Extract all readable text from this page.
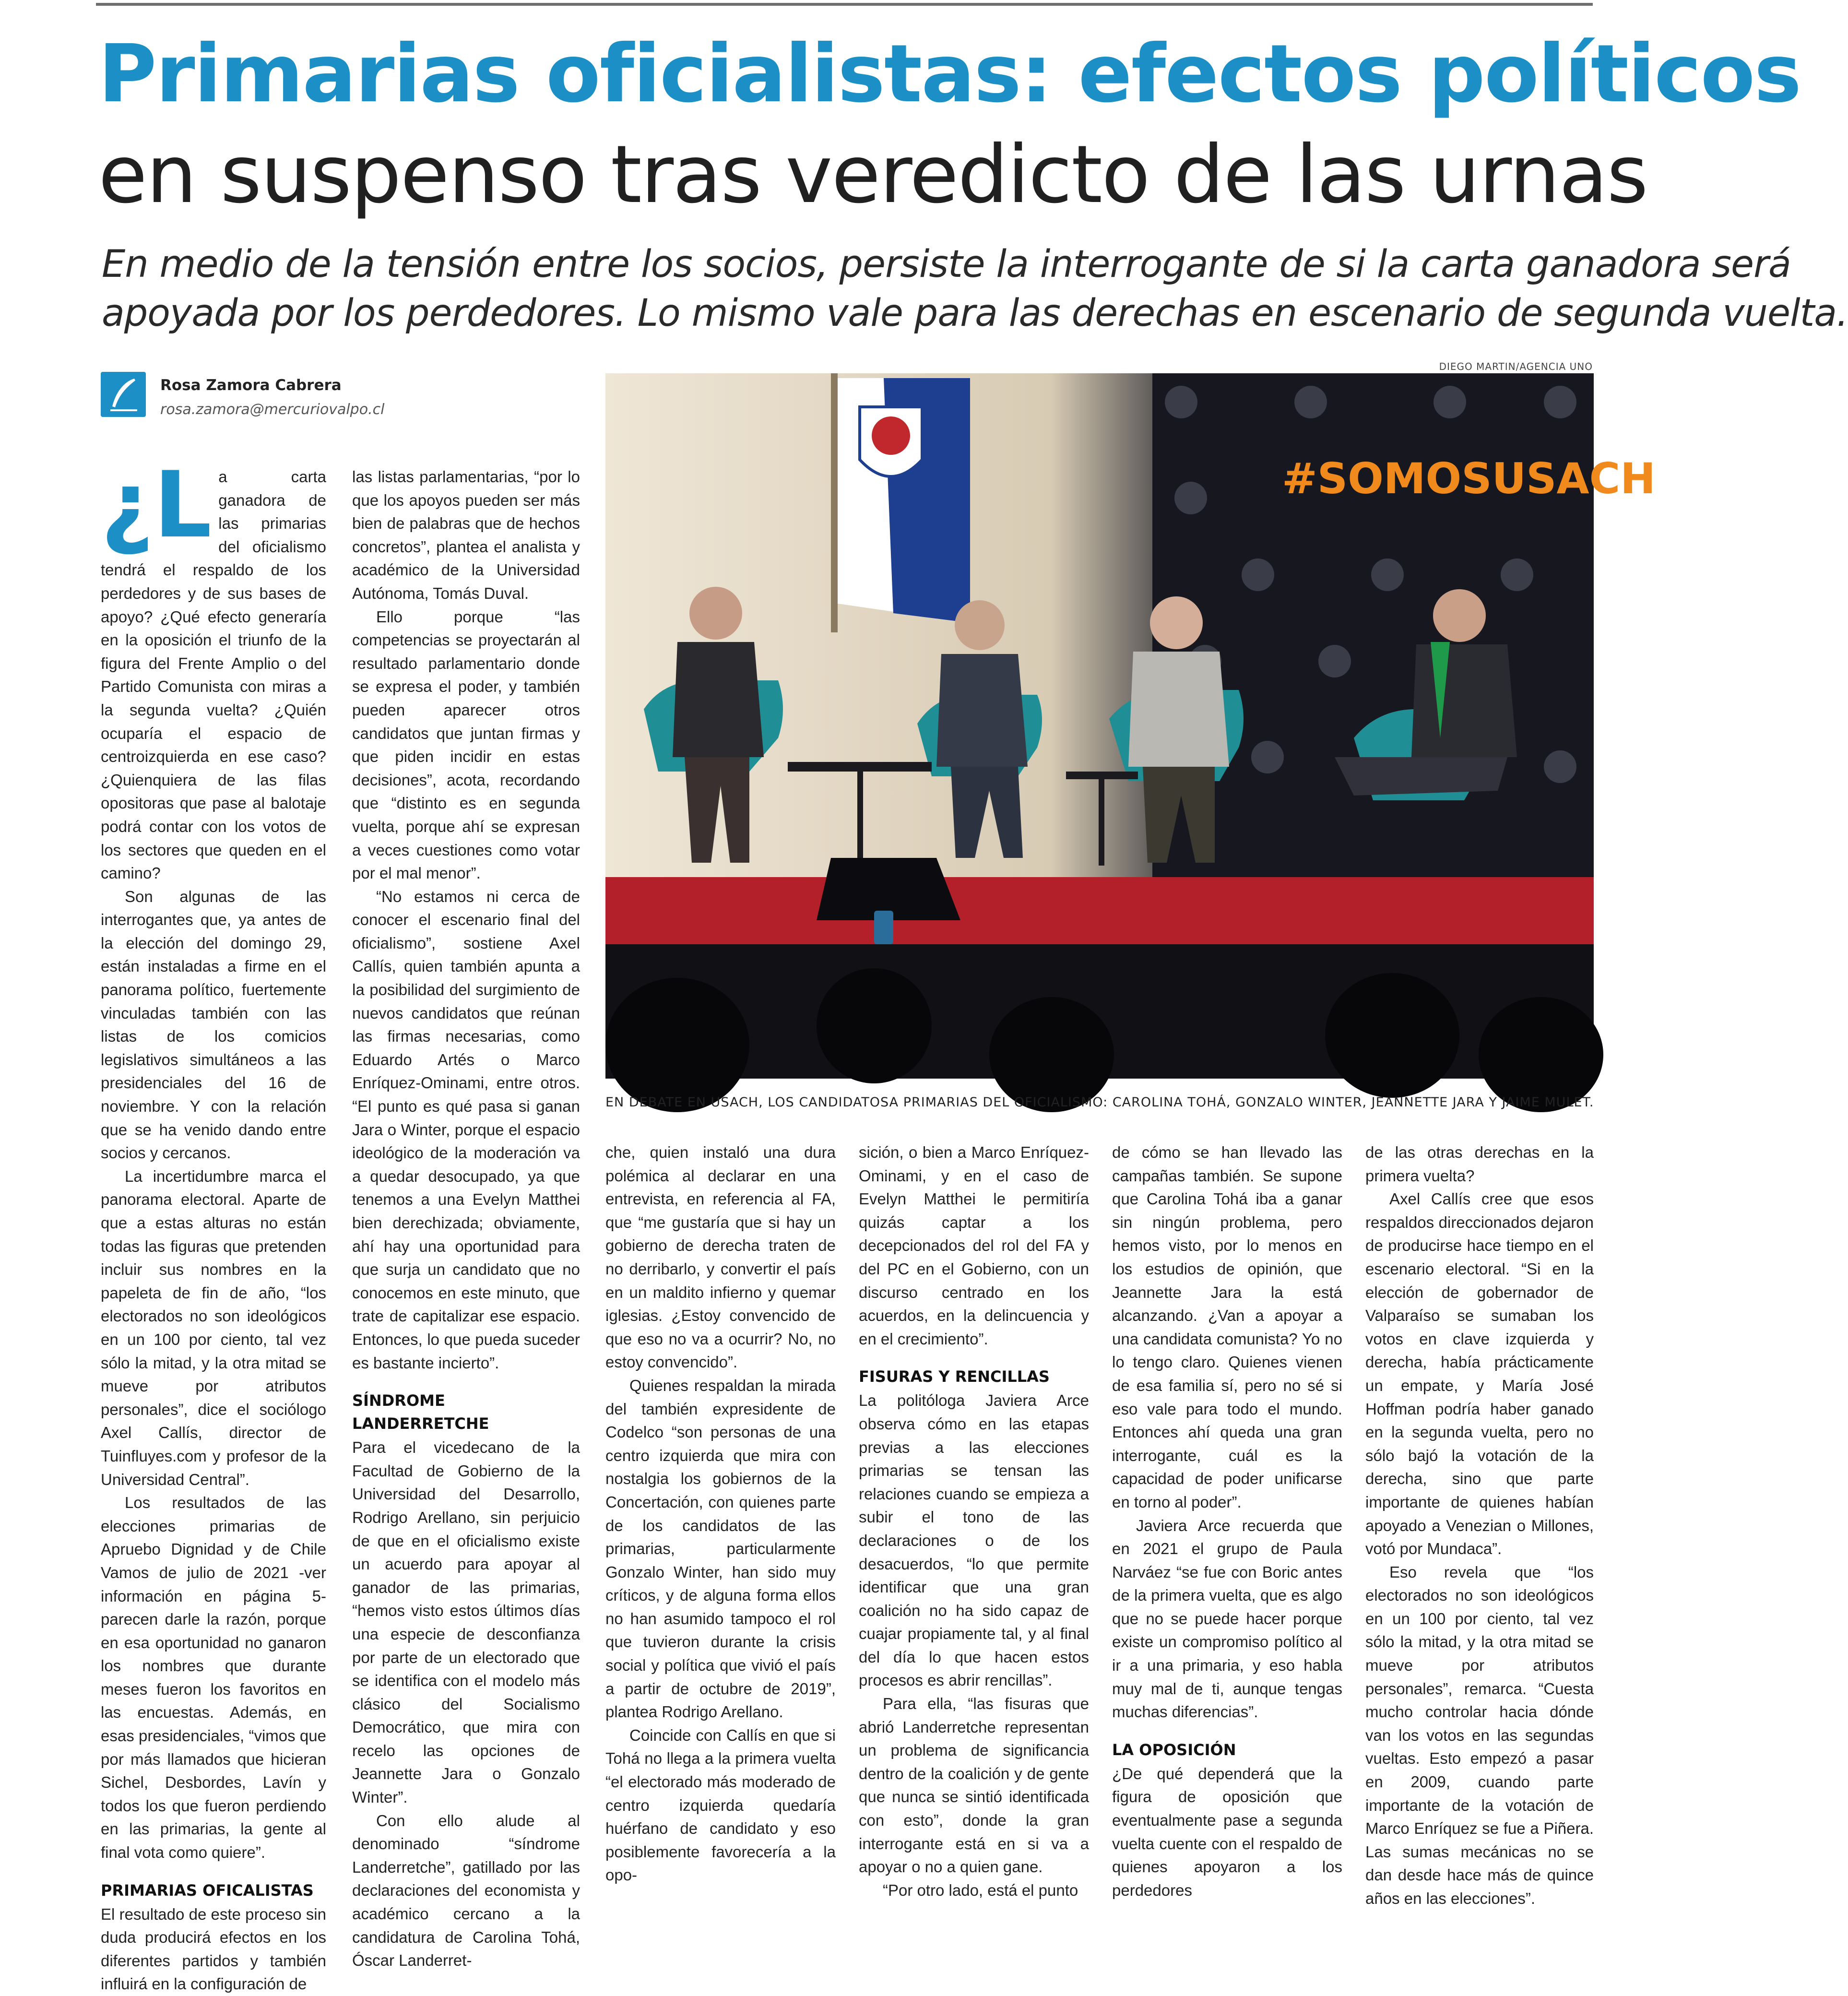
Primarias oficialistas: efectos políticos
en suspenso tras veredicto de las urnas
En medio de la tensión entre los socios, persiste la interrogante de si la carta ganadora será
apoyada por los perdedores. Lo mismo vale para las derechas en escenario de segunda vuelta.
DIEGO MARTIN/AGENCIA UNO
Rosa Zamora Cabrera
rosa.zamora@mercuriovalpo.cl
#SOMOSUSACH
EN DEBATE EN USACH, LOS CANDIDATOSA PRIMARIAS DEL OFICIALISMO: CAROLINA TOHÁ, GONZALO WINTER, JEANNETTE JARA Y JAIME MULET.

¿L a carta ganadora de las primarias del oficialismo tendrá el respaldo de los perdedores y de sus bases de apoyo? ¿Qué efecto generaría en la oposición el triunfo de la figura del Frente Amplio o del Partido Comunista con miras a la segunda vuelta? ¿Quién ocuparía el espacio de centroizquierda en ese caso? ¿Quienquiera de las filas opositoras que pase al balotaje podrá contar con los votos de los sectores que queden en el camino?

Son algunas de las interrogantes que, ya antes de la elección del domingo 29, están instaladas a firme en el panorama político, fuertemente vinculadas también con las listas de los comicios legislativos simultáneos a las presidenciales del 16 de noviembre. Y con la relación que se ha venido dando entre socios y cercanos.

La incertidumbre marca el panorama electoral. Aparte de que a estas alturas no están todas las figuras que pretenden incluir sus nombres en la papeleta de fin de año, “los electorados no son ideológicos en un 100 por ciento, tal vez sólo la mitad, y la otra mitad se mueve por atributos personales”, dice el sociólogo Axel Callís, director de Tuinfluyes.com y profesor de la Universidad Central”.

Los resultados de las elecciones primarias de Apruebo Dignidad y de Chile Vamos de julio de 2021 -ver información en página 5- parecen darle la razón, porque en esa oportunidad no ganaron los nombres que durante meses fueron los favoritos en las encuestas. Además, en esas presidenciales, “vimos que por más llamados que hicieran Sichel, Desbordes, Lavín y todos los que fueron perdiendo en las primarias, la gente al final vota como quiere”.

PRIMARIAS OFICALISTAS

El resultado de este proceso sin duda producirá efectos en los diferentes partidos y también influirá en la configuración de

las listas parlamentarias, “por lo que los apoyos pueden ser más bien de palabras que de hechos concretos”, plantea el analista y académico de la Universidad Autónoma, Tomás Duval.

Ello porque “las competencias se proyectarán al resultado parlamentario donde se expresa el poder, y también pueden aparecer otros candidatos que juntan firmas y que piden incidir en estas decisiones”, acota, recordando que “distinto es en segunda vuelta, porque ahí se expresan a veces cuestiones como votar por el mal menor”.

“No estamos ni cerca de conocer el escenario final del oficialismo”, sostiene Axel Callís, quien también apunta a la posibilidad del surgimiento de nuevos candidatos que reúnan las firmas necesarias, como Eduardo Artés o Marco Enríquez-Ominami, entre otros. “El punto es qué pasa si ganan Jara o Winter, porque el espacio ideológico de la moderación va a quedar desocupado, ya que tenemos a una Evelyn Matthei bien derechizada; obviamente, ahí hay una oportunidad para que surja un candidato que no conocemos en este minuto, que trate de capitalizar ese espacio. Entonces, lo que pueda suceder es bastante incierto”.

SÍNDROME LANDERRETCHE

Para el vicedecano de la Facultad de Gobierno de la Universidad del Desarrollo, Rodrigo Arellano, sin perjuicio de que en el oficialismo existe un acuerdo para apoyar al ganador de las primarias, “hemos visto estos últimos días una especie de desconfianza por parte de un electorado que se identifica con el modelo más clásico del Socialismo Democrático, que mira con recelo las opciones de Jeannette Jara o Gonzalo Winter”.

Con ello alude al denominado “síndrome Landerretche”, gatillado por las declaraciones del economista y académico cercano a la candidatura de Carolina Tohá, Óscar Landerret-

che, quien instaló una dura polémica al declarar en una entrevista, en referencia al FA, que “me gustaría que si hay un gobierno de derecha traten de no derribarlo, y convertir el país en un maldito infierno y quemar iglesias. ¿Estoy convencido de que eso no va a ocurrir? No, no estoy convencido”.

Quienes respaldan la mirada del también expresidente de Codelco “son personas de una centro izquierda que mira con nostalgia los gobiernos de la Concertación, con quienes parte de los candidatos de las primarias, particularmente Gonzalo Winter, han sido muy críticos, y de alguna forma ellos no han asumido tampoco el rol que tuvieron durante la crisis social y política que vivió el país a partir de octubre de 2019”, plantea Rodrigo Arellano.

Coincide con Callís en que si Tohá no llega a la primera vuelta “el electorado más moderado de centro izquierda quedaría huérfano de candidato y eso posiblemente favorecería a la opo-

sición, o bien a Marco Enríquez-Ominami, y en el caso de Evelyn Matthei le permitiría quizás captar a los decepcionados del rol del FA y del PC en el Gobierno, con un discurso centrado en los acuerdos, en la delincuencia y en el crecimiento”.

FISURAS Y RENCILLAS

La politóloga Javiera Arce observa cómo en las etapas previas a las elecciones primarias se tensan las relaciones cuando se empieza a subir el tono de las declaraciones o de los desacuerdos, “lo que permite identificar que una gran coalición no ha sido capaz de cuajar propiamente tal, y al final del día lo que hacen estos procesos es abrir rencillas”.

Para ella, “las fisuras que abrió Landerretche representan un problema de significancia dentro de la coalición y de gente que nunca se sintió identificada con esto”, donde la gran interrogante está en si va a apoyar o no a quien gane.

“Por otro lado, está el punto

de cómo se han llevado las campañas también. Se supone que Carolina Tohá iba a ganar sin ningún problema, pero hemos visto, por lo menos en los estudios de opinión, que Jeannette Jara la está alcanzando. ¿Van a apoyar a una candidata comunista? Yo no lo tengo claro. Quienes vienen de esa familia sí, pero no sé si eso vale para todo el mundo. Entonces ahí queda una gran interrogante, cuál es la capacidad de poder unificarse en torno al poder”.

Javiera Arce recuerda que en 2021 el grupo de Paula Narváez “se fue con Boric antes de la primera vuelta, que es algo que no se puede hacer porque existe un compromiso político al ir a una primaria, y eso habla muy mal de ti, aunque tengas muchas diferencias”.

LA OPOSICIÓN

¿De qué dependerá que la figura de oposición que eventualmente pase a segunda vuelta cuente con el respaldo de quienes apoyaron a los perdedores

de las otras derechas en la primera vuelta?

Axel Callís cree que esos respaldos direccionados dejaron de producirse hace tiempo en el escenario electoral. “Si en la elección de gobernador de Valparaíso se sumaban los votos en clave izquierda y derecha, había prácticamente un empate, y María José Hoffman podría haber ganado en la segunda vuelta, pero no sólo bajó la votación de la derecha, sino que parte importante de quienes habían apoyado a Venezian o Millones, votó por Mundaca”.

Eso revela que “los electorados no son ideológicos en un 100 por ciento, tal vez sólo la mitad, y la otra mitad se mueve por atributos personales”, remarca. “Cuesta mucho controlar hacia dónde van los votos en las segundas vueltas. Esto empezó a pasar en 2009, cuando parte importante de la votación de Marco Enríquez se fue a Piñera. Las sumas mecánicas no se dan desde hace más de quince años en las elecciones”.
